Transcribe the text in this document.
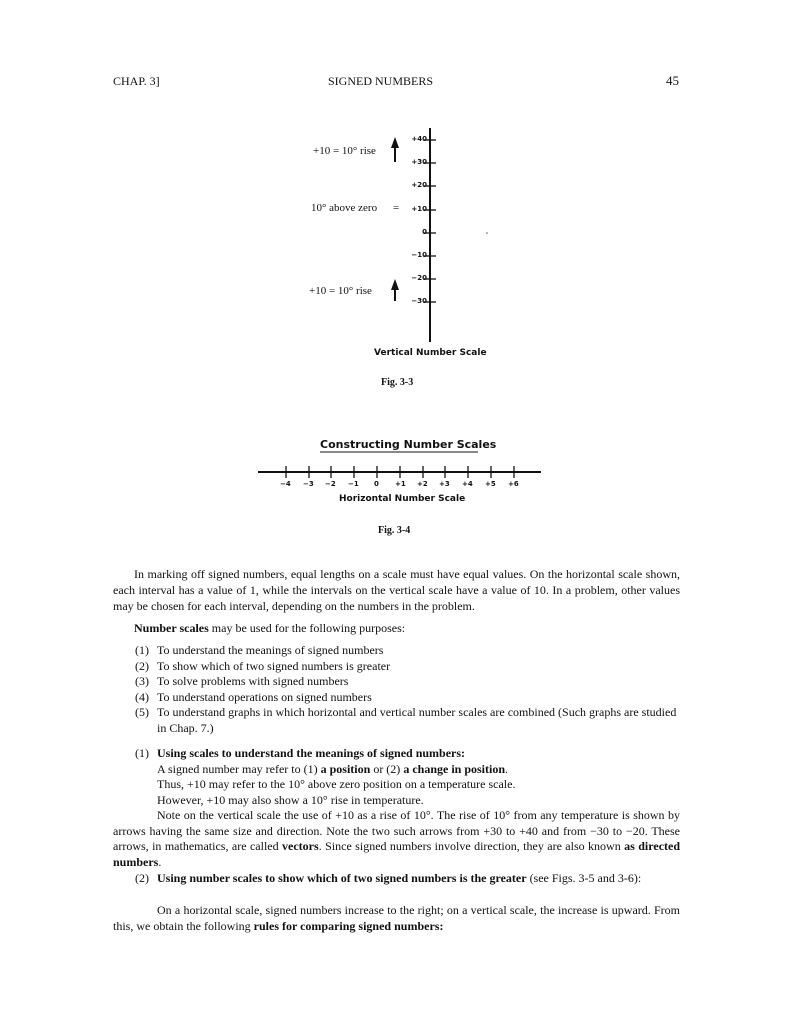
CHAP. 3]	SIGNED NUMBERS	45
+10 = 10° rise
10° above zero =
+10 = 10° rise
+40
+30
+20
+10
0
−10
−20
−30
Vertical Number Scale
Fig. 3-3
Constructing Number Scales
−4 −3 −2 −1 0 +1 +2 +3 +4 +5 +6
Horizontal Number Scale
Fig. 3-4

In marking off signed numbers, equal lengths on a scale must have equal values. On the horizontal scale shown, each interval has a value of 1, while the intervals on the vertical scale have a value of 10. In a problem, other values may be chosen for each interval, depending on the numbers in the problem.

Number scales may be used for the following purposes:

(1) To understand the meanings of signed numbers
(2) To show which of two signed numbers is greater
(3) To solve problems with signed numbers
(4) To understand operations on signed numbers
(5) To understand graphs in which horizontal and vertical number scales are combined (Such graphs are studied in Chap. 7.)
(1) Using scales to understand the meanings of signed numbers:
A signed number may refer to (1) a position or (2) a change in position.
Thus, +10 may refer to the 10° above zero position on a temperature scale.
However, +10 may also show a 10° rise in temperature.

Note on the vertical scale the use of +10 as a rise of 10°. The rise of 10° from any temperature is shown by arrows having the same size and direction. Note the two such arrows from +30 to +40 and from −30 to −20. These arrows, in mathematics, are called vectors. Since signed numbers involve direction, they are also known as directed numbers.

(2) Using number scales to show which of two signed numbers is the greater (see Figs. 3-5 and 3-6):

On a horizontal scale, signed numbers increase to the right; on a vertical scale, the increase is upward. From this, we obtain the following rules for comparing signed numbers:
